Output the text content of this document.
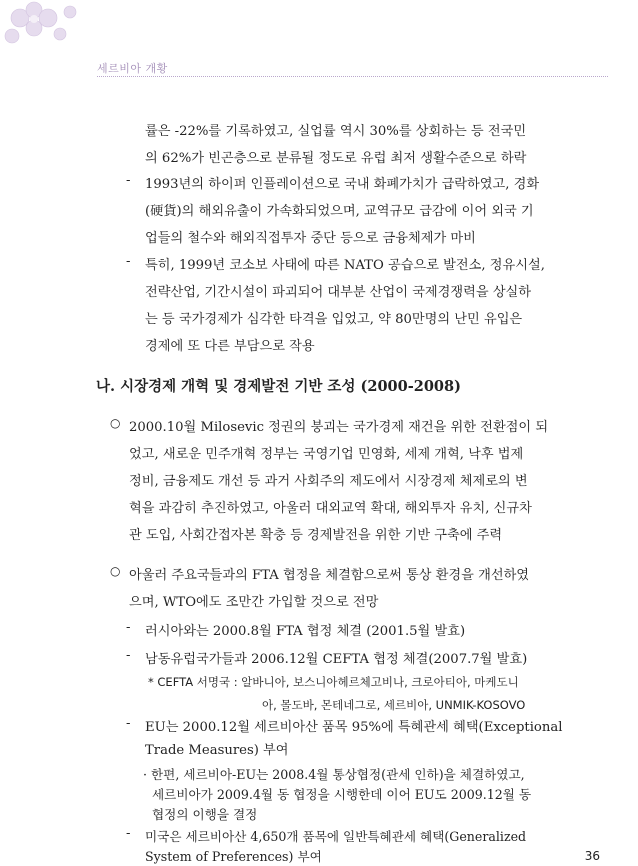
세르비아 개황
률은 -22%를 기록하였고, 실업률 역시 30%를 상회하는 등 전국민
의 62%가 빈곤층으로 분류될 정도로 유럽 최저 생활수준으로 하락
- 1993년의 하이퍼 인플레이션으로 국내 화폐가치가 급락하였고, 경화
(硬貨)의 해외유출이 가속화되었으며, 교역규모 급감에 이어 외국 기
업들의 철수와 해외직접투자 중단 등으로 금융체제가 마비
- 특히, 1999년 코소보 사태에 따른 NATO 공습으로 발전소, 정유시설,
전략산업, 기간시설이 파괴되어 대부분 산업이 국제경쟁력을 상실하
는 등 국가경제가 심각한 타격을 입었고, 약 80만명의 난민 유입은
경제에 또 다른 부담으로 작용
나. 시장경제 개혁 및 경제발전 기반 조성 (2000-2008)
○ 2000.10월 Milosevic 정권의 붕괴는 국가경제 재건을 위한 전환점이 되
었고, 새로운 민주개혁 정부는 국영기업 민영화, 세제 개혁, 낙후 법제
정비, 금융제도 개선 등 과거 사회주의 제도에서 시장경제 체제로의 변
혁을 과감히 추진하였고, 아울러 대외교역 확대, 해외투자 유치, 신규차
관 도입, 사회간접자본 확충 등 경제발전을 위한 기반 구축에 주력
○ 아울러 주요국들과의 FTA 협정을 체결함으로써 통상 환경을 개선하였
으며, WTO에도 조만간 가입할 것으로 전망
- 러시아와는 2000.8월 FTA 협정 체결 (2001.5월 발효)
- 남동유럽국가들과 2006.12월 CEFTA 협정 체결(2007.7월 발효)
* CEFTA 서명국 : 알바니아, 보스니아헤르체고비나, 크로아티아, 마케도니
아, 몰도바, 몬테네그로, 세르비아, UNMIK-KOSOVO
- EU는 2000.12월 세르비아산 품목 95%에 특혜관세 혜택(Exceptional
Trade Measures) 부여
· 한편, 세르비아-EU는 2008.4월 통상협정(관세 인하)을 체결하였고,
세르비아가 2009.4월 동 협정을 시행한데 이어 EU도 2009.12월 동
협정의 이행을 결정
- 미국은 세르비아산 4,650개 품목에 일반특혜관세 혜택(Generalized
System of Preferences) 부여	36
